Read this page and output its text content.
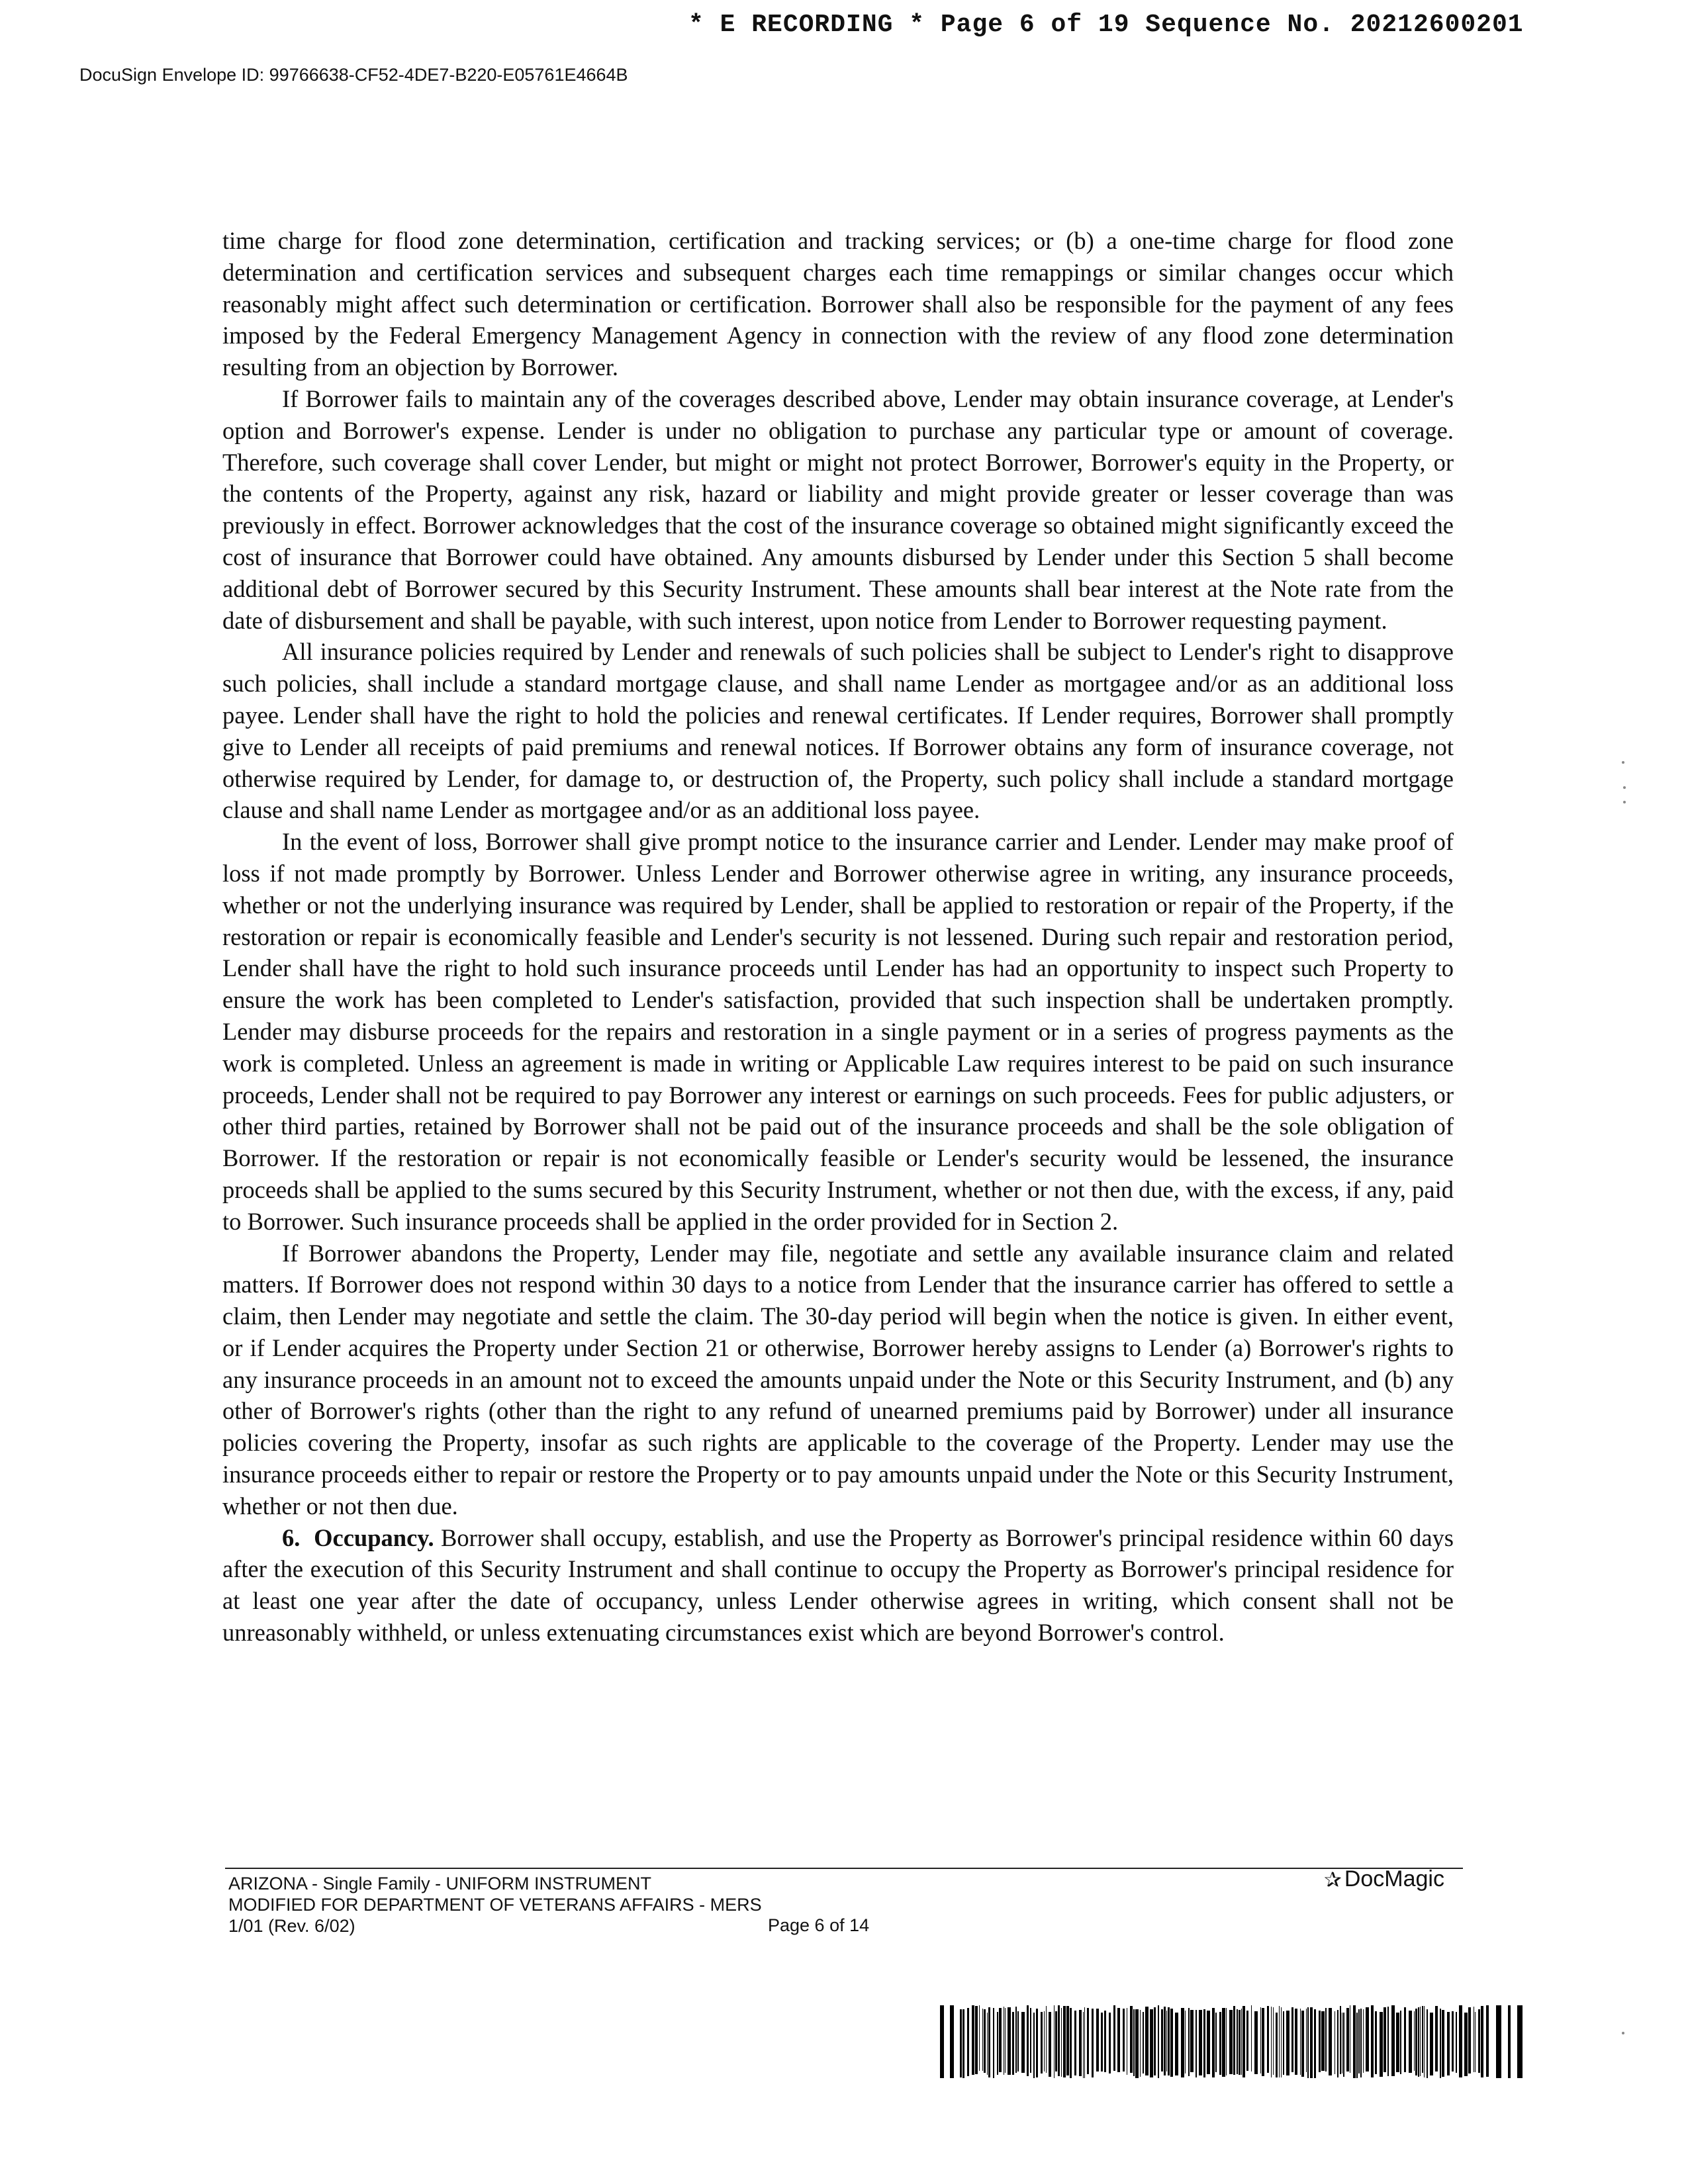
* E RECORDING * Page 6 of 19 Sequence No. 20212600201
DocuSign Envelope ID: 99766638-CF52-4DE7-B220-E05761E4664B

time charge for flood zone determination, certification and tracking services; or (b) a one-time charge for flood zone determination and certification services and subsequent charges each time remappings or similar changes occur which reasonably might affect such determination or certification. Borrower shall also be responsible for the payment of any fees imposed by the Federal Emergency Management Agency in connection with the review of any flood zone determination resulting from an objection by Borrower.

If Borrower fails to maintain any of the coverages described above, Lender may obtain insurance coverage, at Lender's option and Borrower's expense. Lender is under no obligation to purchase any particular type or amount of coverage. Therefore, such coverage shall cover Lender, but might or might not protect Borrower, Borrower's equity in the Property, or the contents of the Property, against any risk, hazard or liability and might provide greater or lesser coverage than was previously in effect. Borrower acknowledges that the cost of the insurance coverage so obtained might significantly exceed the cost of insurance that Borrower could have obtained. Any amounts disbursed by Lender under this Section 5 shall become additional debt of Borrower secured by this Security Instrument. These amounts shall bear interest at the Note rate from the date of disbursement and shall be payable, with such interest, upon notice from Lender to Borrower requesting payment.

All insurance policies required by Lender and renewals of such policies shall be subject to Lender's right to disapprove such policies, shall include a standard mortgage clause, and shall name Lender as mortgagee and/or as an additional loss payee. Lender shall have the right to hold the policies and renewal certificates. If Lender requires, Borrower shall promptly give to Lender all receipts of paid premiums and renewal notices. If Borrower obtains any form of insurance coverage, not otherwise required by Lender, for damage to, or destruction of, the Property, such policy shall include a standard mortgage clause and shall name Lender as mortgagee and/or as an additional loss payee.

In the event of loss, Borrower shall give prompt notice to the insurance carrier and Lender. Lender may make proof of loss if not made promptly by Borrower. Unless Lender and Borrower otherwise agree in writing, any insurance proceeds, whether or not the underlying insurance was required by Lender, shall be applied to restoration or repair of the Property, if the restoration or repair is economically feasible and Lender's security is not lessened. During such repair and restoration period, Lender shall have the right to hold such insurance proceeds until Lender has had an opportunity to inspect such Property to ensure the work has been completed to Lender's satisfaction, provided that such inspection shall be undertaken promptly. Lender may disburse proceeds for the repairs and restoration in a single payment or in a series of progress payments as the work is completed. Unless an agreement is made in writing or Applicable Law requires interest to be paid on such insurance proceeds, Lender shall not be required to pay Borrower any interest or earnings on such proceeds. Fees for public adjusters, or other third parties, retained by Borrower shall not be paid out of the insurance proceeds and shall be the sole obligation of Borrower. If the restoration or repair is not economically feasible or Lender's security would be lessened, the insurance proceeds shall be applied to the sums secured by this Security Instrument, whether or not then due, with the excess, if any, paid to Borrower. Such insurance proceeds shall be applied in the order provided for in Section 2.

If Borrower abandons the Property, Lender may file, negotiate and settle any available insurance claim and related matters. If Borrower does not respond within 30 days to a notice from Lender that the insurance carrier has offered to settle a claim, then Lender may negotiate and settle the claim. The 30-day period will begin when the notice is given. In either event, or if Lender acquires the Property under Section 21 or otherwise, Borrower hereby assigns to Lender (a) Borrower's rights to any insurance proceeds in an amount not to exceed the amounts unpaid under the Note or this Security Instrument, and (b) any other of Borrower's rights (other than the right to any refund of unearned premiums paid by Borrower) under all insurance policies covering the Property, insofar as such rights are applicable to the coverage of the Property. Lender may use the insurance proceeds either to repair or restore the Property or to pay amounts unpaid under the Note or this Security Instrument, whether or not then due.

6. Occupancy. Borrower shall occupy, establish, and use the Property as Borrower's principal residence within 60 days after the execution of this Security Instrument and shall continue to occupy the Property as Borrower's principal residence for at least one year after the date of occupancy, unless Lender otherwise agrees in writing, which consent shall not be unreasonably withheld, or unless extenuating circumstances exist which are beyond Borrower's control.

ARIZONA - Single Family - UNIFORM INSTRUMENT
MODIFIED FOR DEPARTMENT OF VETERANS AFFAIRS - MERS
1/01 (Rev. 6/02)	Page 6 of 14
✰ DocMagic
